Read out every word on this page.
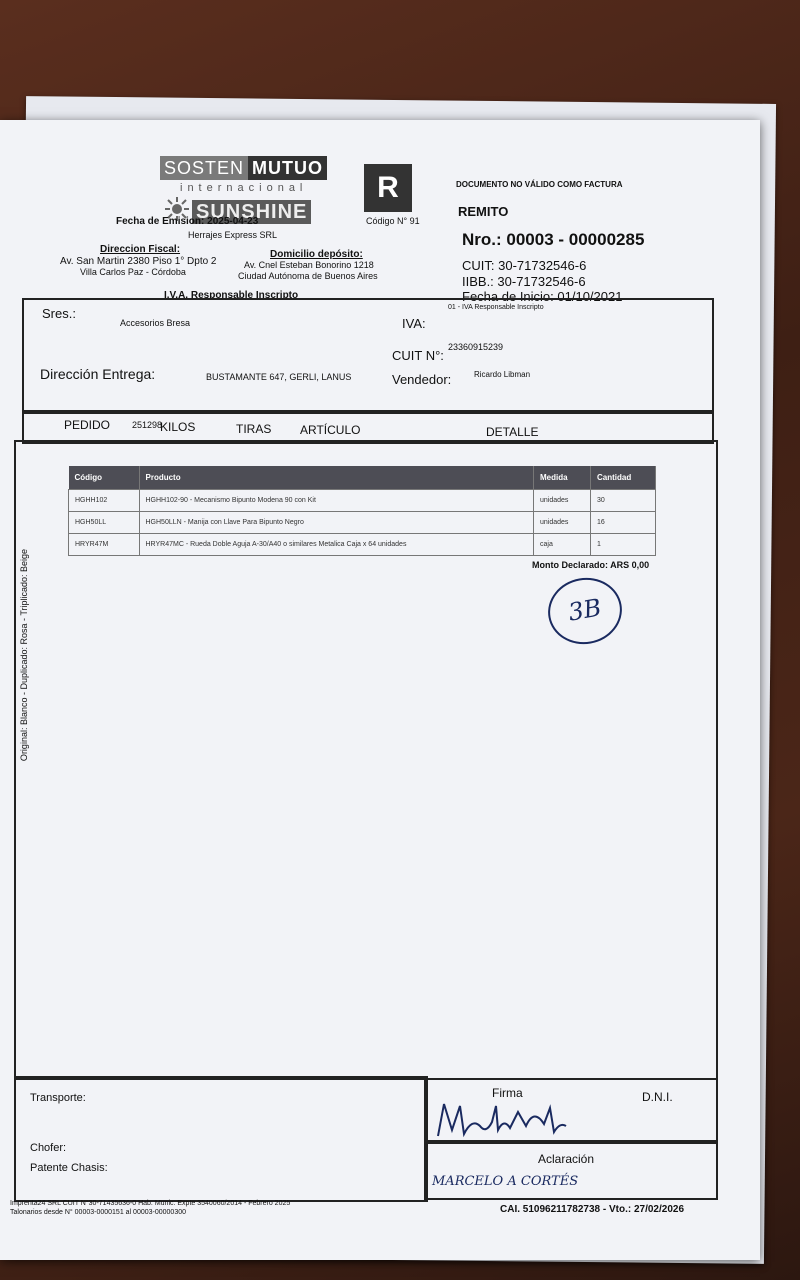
SOSTEN MUTUO
internacional
SUNSHINE
R
Código N° 91
DOCUMENTO NO VÁLIDO COMO FACTURA
REMITO
Nro.: 00003 - 00000285
CUIT: 30-71732546-6
IIBB.: 30-71732546-6
Fecha de Inicio: 01/10/2021
01 - IVA Responsable Inscripto
Fecha de Emision: 2025-04-23
Herrajes Express SRL
Direccion Fiscal:
Av. San Martin 2380 Piso 1° Dpto 2
Villa Carlos Paz - Córdoba
Domicilio depósito:
Av. Cnel Esteban Bonorino 1218
Ciudad Autónoma de Buenos Aires
I.V.A. Responsable Inscripto
Sres.:
Accesorios Bresa	IVA:
CUIT N°:
23360915239
Dirección Entrega:	BUSTAMANTE 647, GERLI, LANUS	Vendedor:	Ricardo Libman
PEDIDO 251298
KILOS	TIRAS ARTÍCULO	DETALLE
Código	Producto	Medida	Cantidad
HGHH102	HGHH102-90 - Mecanismo Bipunto Modena 90 con Kit	unidades	30
HGH50LL	HGH50LLN - Manija con Llave Para Bipunto Negro	unidades	16
HRYR47M	HRYR47MC - Rueda Doble Aguja A-30/A40 o similares Metalica Caja x 64 unidades	caja	1
Monto Declarado: ARS 0,00
3B
Original: Blanco - Duplicado: Rosa - Triplicado: Beige
Transporte:
Chofer:
Patente Chasis:
Firma	D.N.I.
Aclaración
MARCELO A CORTÉS
Imprenta24 SRL CUIT N°30-71435636-0 Hab. Munic. Expte 3540060/2014 - Febrero 2025
Talonarios desde N° 00003-0000151 al 00003-00000300	CAI. 51096211782738 - Vto.: 27/02/2026
